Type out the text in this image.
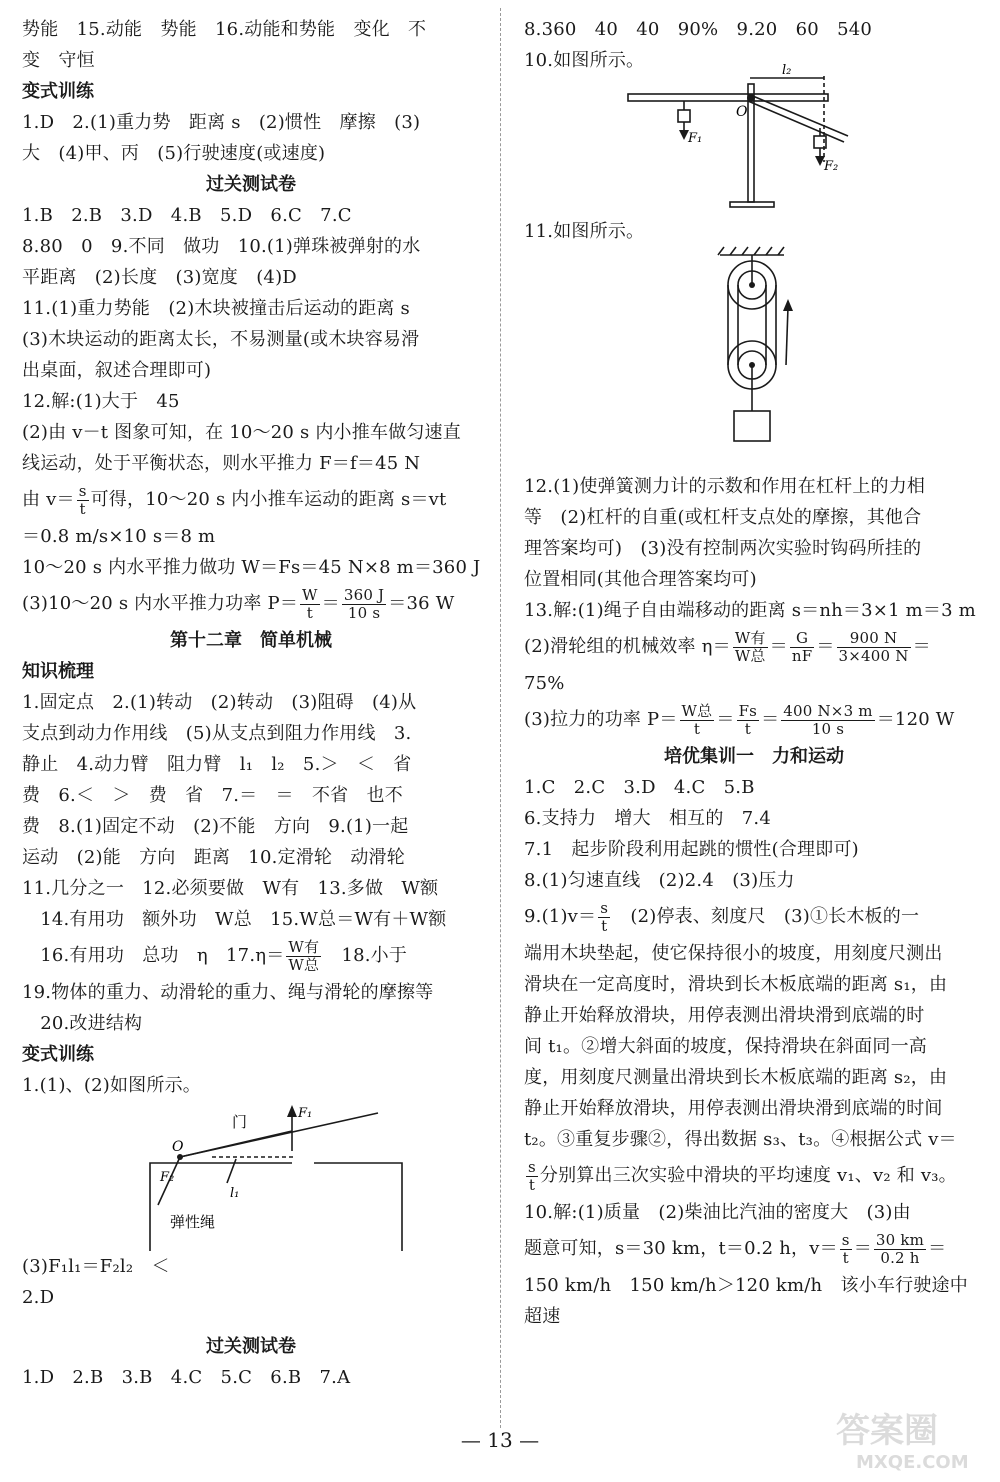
势能　15.动能　势能　16.动能和势能　变化　不
变　守恒
变式训练
1.D　2.(1)重力势　距离 s　(2)惯性　摩擦　(3)
大　(4)甲、丙　(5)行驶速度(或速度)
过关测试卷
1.B　2.B　3.D　4.B　5.D　6.C　7.C
8.80　0　9.不同　做功　10.(1)弹珠被弹射的水
平距离　(2)长度　(3)宽度　(4)D
11.(1)重力势能　(2)木块被撞击后运动的距离 s
(3)木块运动的距离太长，不易测量(或木块容易滑
出桌面，叙述合理即可)
12.解:(1)大于　45
(2)由 v－t 图象可知，在 10～20 s 内小推车做匀速直
线运动，处于平衡状态，则水平推力 F＝f＝45 N
由 $v= \frac{s}{t}$ 可得，10～20 s 内小推车运动的距离 s＝vt
＝0.8 m/s×10 s＝8 m
10～20 s 内水平推力做功 W＝Fs＝45 N×8 m＝360 J
(3)10～20 s 内水平推力功率 $P= \frac{W}{t} = \frac{360 J}{10 s} =36$ W
第十二章　简单机械
知识梳理
1.固定点　2.(1)转动　(2)转动　(3)阻碍　(4)从
支点到动力作用线　(5)从支点到阻力作用线　3.
静止　4.动力臂　阻力臂　l₁　l₂　5.＞　＜　省
费　6.＜　＞　费　省　7.＝　＝　不省　也不
费　8.(1)固定不动　(2)不能　方向　9.(1)一起
运动　(2)能　方向　距离　10.定滑轮　动滑轮
11.几分之一　12.必须要做　W有　13.多做　W额
　14.有用功　额外功　W总　15.W总＝W有＋W额
　16.有用功　总功　η　$17.\eta= \frac{\text{W有}}{\text{W总}}$ 　18.小于
19.物体的重力、动滑轮的重力、绳与滑轮的摩擦等
　20.改进结构
变式训练
1.(1)、(2)如图所示。
门	F₁
O
F₂
l₁
弹性绳
(3)F₁l₁＝F₂l₂　＜
2.D
过关测试卷
1.D　2.B　3.B　4.C　5.C　6.B　7.A
8.360　40　40　90%　9.20　60　540
10.如图所示。	l₂
O
F₁
F₂
11.如图所示。
12.(1)使弹簧测力计的示数和作用在杠杆上的力相
等　(2)杠杆的自重(或杠杆支点处的摩擦，其他合
理答案均可)　(3)没有控制两次实验时钩码所挂的
位置相同(其他合理答案均可)
13.解:(1)绳子自由端移动的距离 s＝nh＝3×1 m＝3 m
(2)滑轮组的机械效率 $\eta= \frac{\text{W有}}{\text{W总}} = \frac{G}{nF} = \frac{900 N}{3\times 400 N}$ ＝
75%
(3)拉力的功率 $P= \frac{\text{W总}}{t} = \frac{Fs}{t} = \frac{400 N\times 3 m}{10 s} =120$ W
培优集训一　力和运动
1.C　2.C　3.D　4.C　5.B
6.支持力　增大　相互的　7.4
7.1　起步阶段利用起跳的惯性(合理即可)
8.(1)匀速直线　(2)2.4　(3)压力
$9.(1)v= \frac{s}{t}$ 　(2)停表、刻度尺　(3)①长木板的一
端用木块垫起，使它保持很小的坡度，用刻度尺测出
滑块在一定高度时，滑块到长木板底端的距离 s₁，由
静止开始释放滑块，用停表测出滑块滑到底端的时
间 t₁。②增大斜面的坡度，保持滑块在斜面同一高
度，用刻度尺测量出滑块到长木板底端的距离 s₂，由
静止开始释放滑块，用停表测出滑块滑到底端的时间
t₂。③重复步骤②，得出数据 s₃、t₃。④根据公式 v＝
$\frac{s}{t}$ 分别算出三次实验中滑块的平均速度 v₁、v₂ 和 v₃。
10.解:(1)质量　(2)柴油比汽油的密度大　(3)由
题意可知，s＝30 km，t＝0.2 h，$v= \frac{s}{t} = \frac{30 km}{0.2 h}$ ＝
150 km/h　150 km/h＞120 km/h　该小车行驶途中
超速
— 13 —	答案圈
MXQE.COM
